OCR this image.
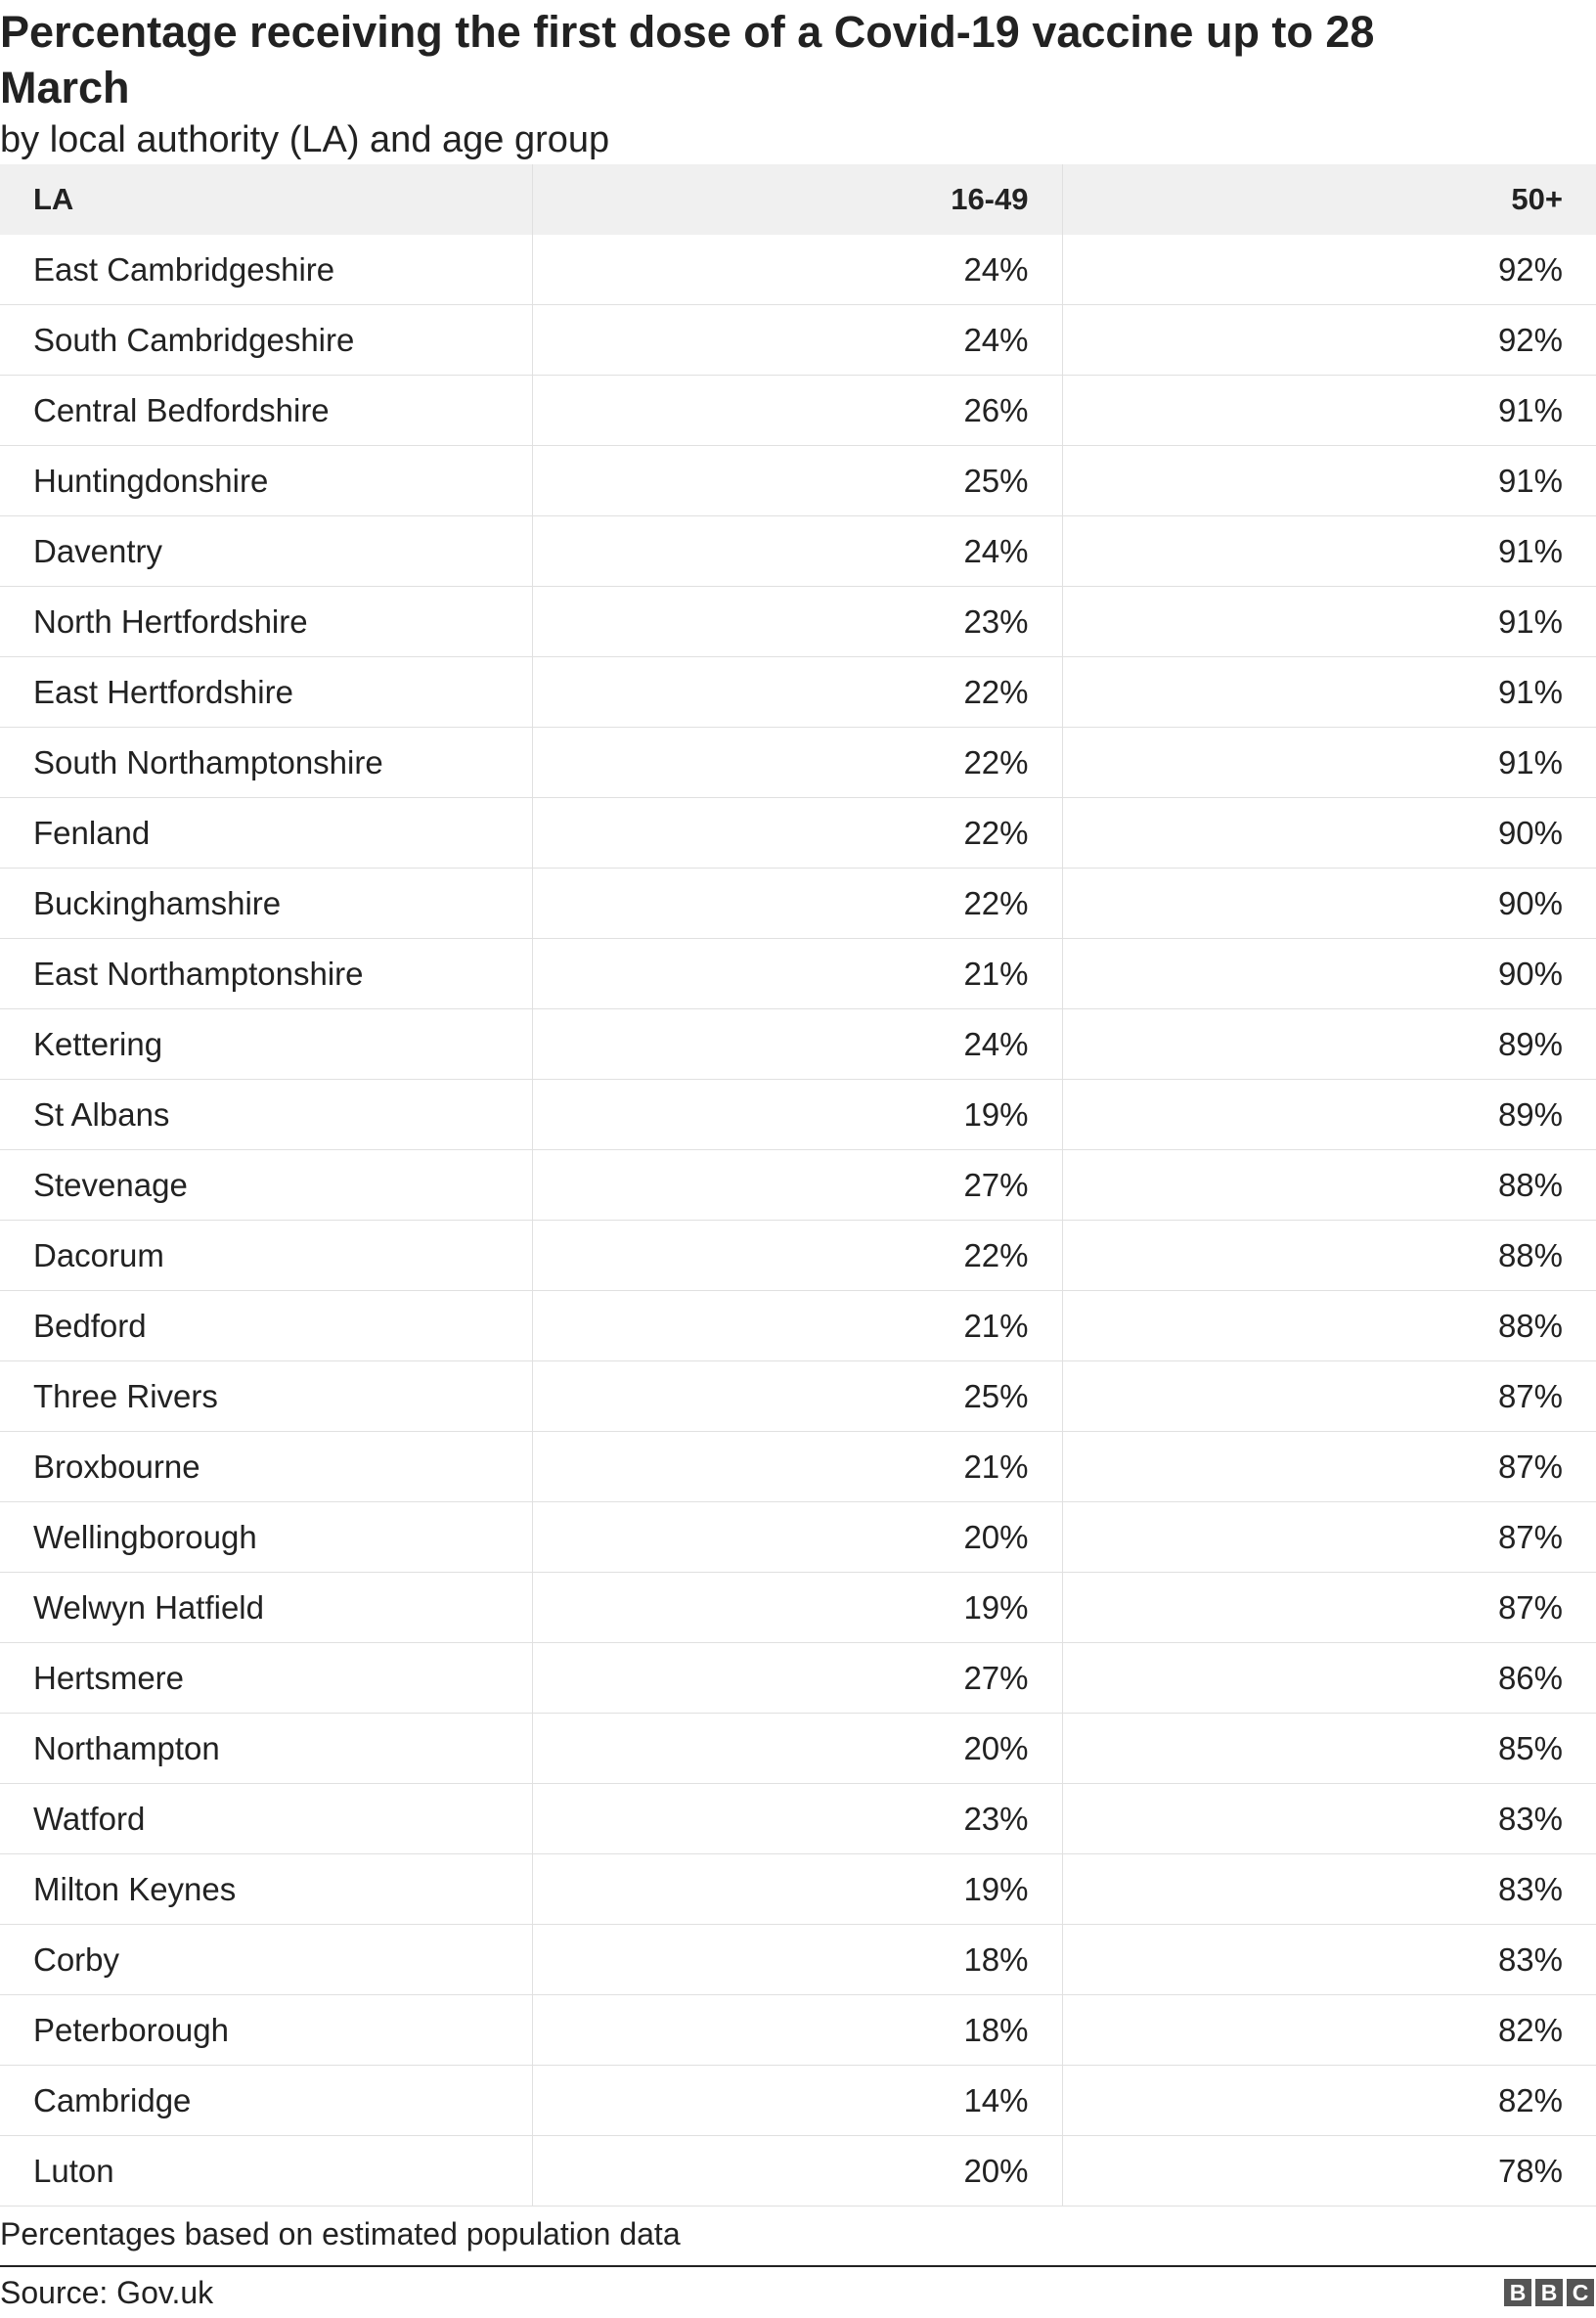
Percentage receiving the first dose of a Covid-19 vaccine up to 28 March
by local authority (LA) and age group
LA	16-49	50+
East Cambridgeshire	24%	92%
South Cambridgeshire	24%	92%
Central Bedfordshire	26%	91%
Huntingdonshire	25%	91%
Daventry	24%	91%
North Hertfordshire	23%	91%
East Hertfordshire	22%	91%
South Northamptonshire	22%	91%
Fenland	22%	90%
Buckinghamshire	22%	90%
East Northamptonshire	21%	90%
Kettering	24%	89%
St Albans	19%	89%
Stevenage	27%	88%
Dacorum	22%	88%
Bedford	21%	88%
Three Rivers	25%	87%
Broxbourne	21%	87%
Wellingborough	20%	87%
Welwyn Hatfield	19%	87%
Hertsmere	27%	86%
Northampton	20%	85%
Watford	23%	83%
Milton Keynes	19%	83%
Corby	18%	83%
Peterborough	18%	82%
Cambridge	14%	82%
Luton	20%	78%
Percentages based on estimated population data
Source: Gov.uk	B B C
